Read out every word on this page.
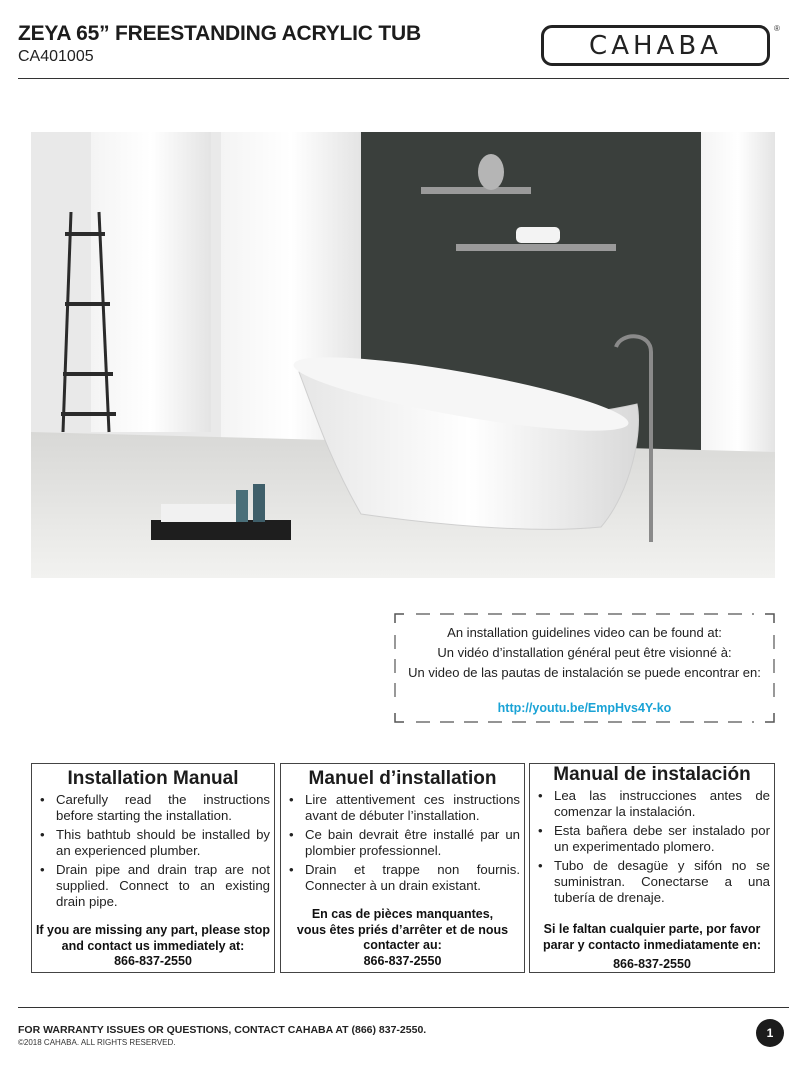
ZEYA 65” FREESTANDING ACRYLIC TUB
CA401005	CAHABA
®
An installation guidelines video can be found at:
Un vidéo d’installation général peut être visionné à:
Un video de las pautas de instalación se puede encontrar en:
http://youtu.be/EmpHvs4Y-ko
Installation Manual
• Carefully read the instructions before starting the installation.
• This bathtub should be installed by an experienced plumber.
• Drain pipe and drain trap are not supplied. Connect to an existing drain pipe.
If you are missing any part, please stop
and contact us immediately at:
866-837-2550
Manuel d’installation
• Lire attentivement ces instructions avant de débuter l’installation.
• Ce bain devrait être installé par un plombier professionnel.
• Drain et trappe non fournis. Connecter à un drain existant.
En cas de pièces manquantes,
vous êtes priés d’arrêter et de nous
contacter au:
866-837-2550
Manual de instalación
• Lea las instrucciones antes de comenzar la instalación.
• Esta bañera debe ser instalado por un experimentado plomero.
• Tubo de desagüe y sifón no se suministran. Conectarse a una tubería de drenaje.
Si le faltan cualquier parte, por favor
parar y contacto inmediatamente en:
866-837-2550
FOR WARRANTY ISSUES OR QUESTIONS, CONTACT CAHABA AT (866) 837-2550.
©2018 CAHABA. ALL RIGHTS RESERVED.
1
